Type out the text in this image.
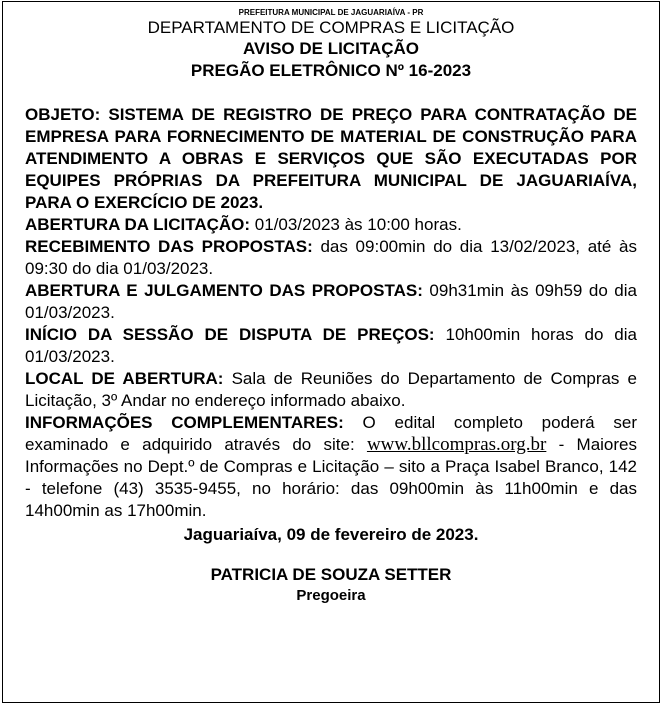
PREFEITURA MUNICIPAL DE JAGUARIAÍVA - PR
DEPARTAMENTO DE COMPRAS E LICITAÇÃO
AVISO DE LICITAÇÃO
PREGÃO ELETRÔNICO Nº 16-2023
OBJETO: SISTEMA DE REGISTRO DE PREÇO PARA CONTRATAÇÃO DE EMPRESA PARA FORNECIMENTO DE MATERIAL DE CONSTRUÇÃO PARA ATENDIMENTO A OBRAS E SERVIÇOS QUE SÃO EXECUTADAS POR EQUIPES PRÓPRIAS DA PREFEITURA MUNICIPAL DE JAGUARIAÍVA, PARA O EXERCÍCIO DE 2023.
ABERTURA DA LICITAÇÃO: 01/03/2023 às 10:00 horas.
RECEBIMENTO DAS PROPOSTAS: das 09:00min do dia 13/02/2023, até às 09:30 do dia 01/03/2023.
ABERTURA E JULGAMENTO DAS PROPOSTAS: 09h31min às 09h59 do dia 01/03/2023.
INÍCIO DA SESSÃO DE DISPUTA DE PREÇOS: 10h00min horas do dia 01/03/2023.
LOCAL DE ABERTURA: Sala de Reuniões do Departamento de Compras e Licitação, 3º Andar no endereço informado abaixo.
INFORMAÇÕES COMPLEMENTARES: O edital completo poderá ser examinado e adquirido através do site: www.bllcompras.org.br - Maiores Informações no Dept.º de Compras e Licitação – sito a Praça Isabel Branco, 142 - telefone (43) 3535-9455, no horário: das 09h00min às 11h00min e das 14h00min as 17h00min.
Jaguariaíva, 09 de fevereiro de 2023.
PATRICIA DE SOUZA SETTER
Pregoeira
